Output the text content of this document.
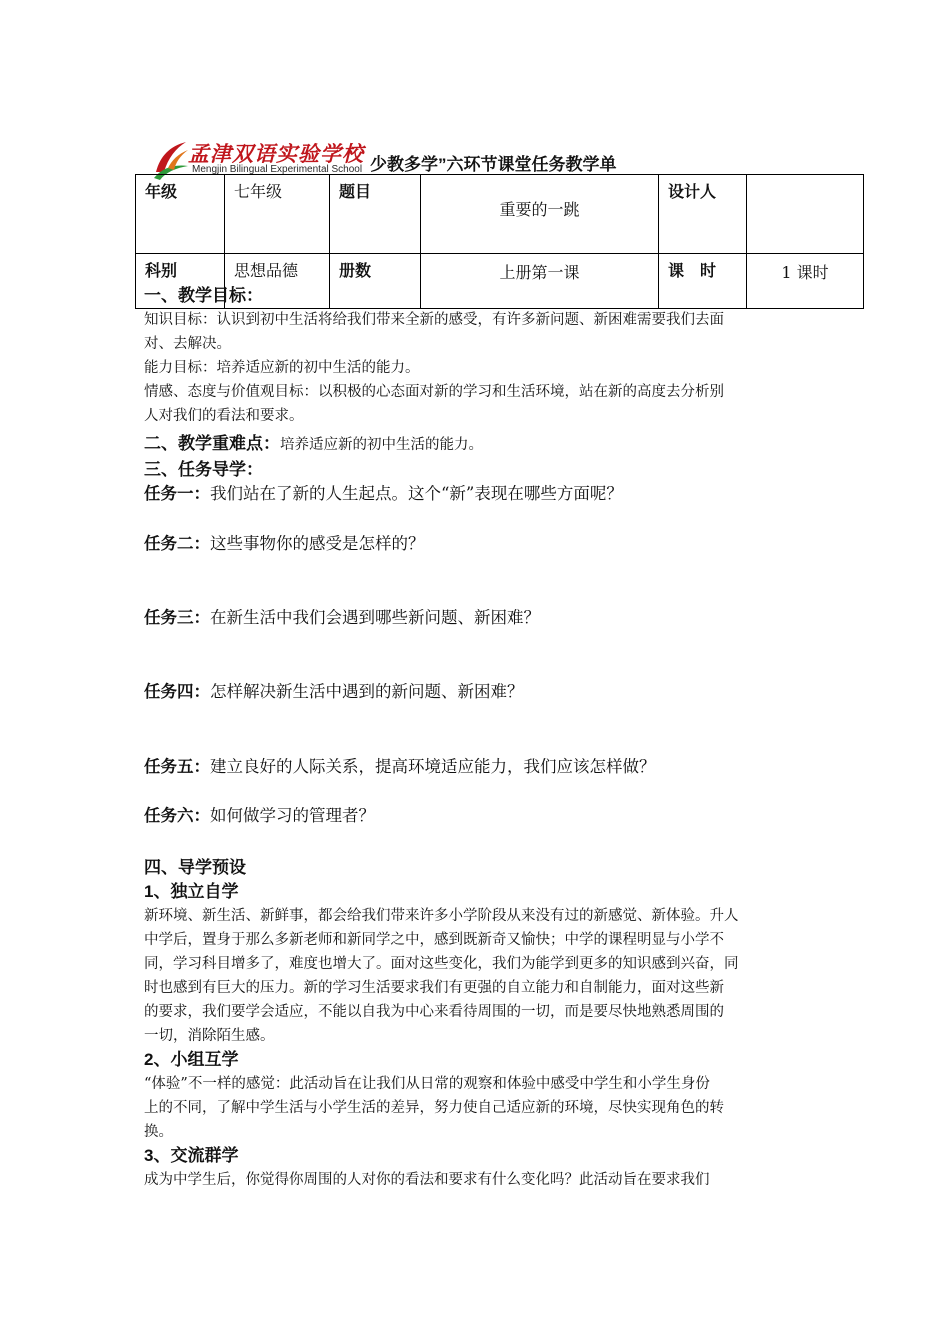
孟津双语实验学校
Mengjin Bilingual Experimental School 少教多学”六环节课堂任务教学单
年级	七年级	题目	重要的一跳	设计人	
科别	思想品德	册数	上册第一课	课　时	1 课时
一、教学目标：
知识目标：认识到初中生活将给我们带来全新的感受，有许多新问题、新困难需要我们去面
对、去解决。
能力目标：培养适应新的初中生活的能力。
情感、态度与价值观目标：以积极的心态面对新的学习和生活环境，站在新的高度去分析别
人对我们的看法和要求。
二、教学重难点：培养适应新的初中生活的能力。
三、任务导学：
任务一：我们站在了新的人生起点。这个“新”表现在哪些方面呢？
任务二：这些事物你的感受是怎样的？
任务三：在新生活中我们会遇到哪些新问题、新困难？
任务四：怎样解决新生活中遇到的新问题、新困难？
任务五：建立良好的人际关系，提高环境适应能力，我们应该怎样做？
任务六：如何做学习的管理者？
四、导学预设
1、独立自学
新环境、新生活、新鲜事，都会给我们带来许多小学阶段从来没有过的新感觉、新体验。升人
中学后，置身于那么多新老师和新同学之中，感到既新奇又愉快；中学的课程明显与小学不
同，学习科目增多了，难度也增大了。面对这些变化，我们为能学到更多的知识感到兴奋，同
时也感到有巨大的压力。新的学习生活要求我们有更强的自立能力和自制能力，面对这些新
的要求，我们要学会适应，不能以自我为中心来看待周围的一切，而是要尽快地熟悉周围的
一切，消除陌生感。
2、小组互学
“体验”不一样的感觉：此活动旨在让我们从日常的观察和体验中感受中学生和小学生身份
上的不同，了解中学生活与小学生活的差异，努力使自己适应新的环境，尽快实现角色的转
换。
3、交流群学
成为中学生后，你觉得你周围的人对你的看法和要求有什么变化吗？此活动旨在要求我们
